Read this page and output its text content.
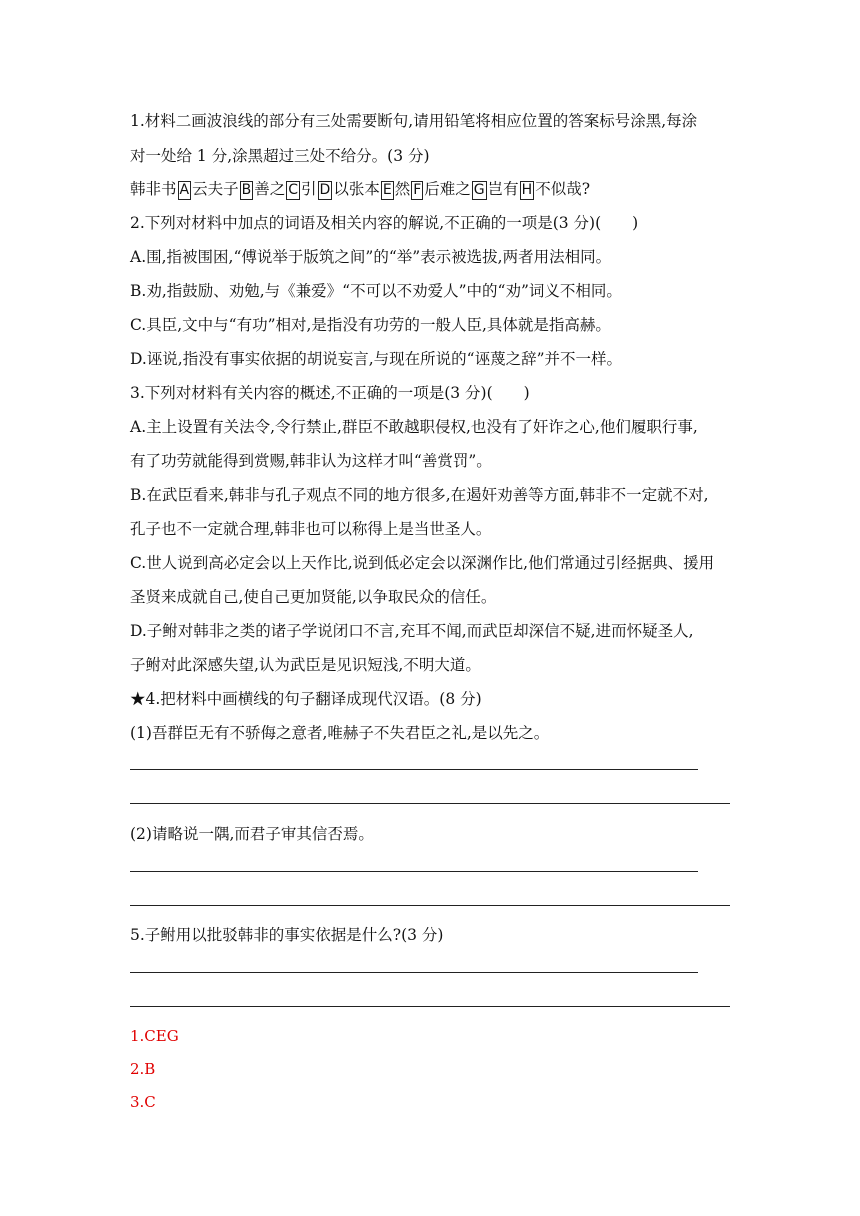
1.材料二画波浪线的部分有三处需要断句,请用铅笔将相应位置的答案标号涂黑,每涂
对一处给 1 分,涂黑超过三处不给分。(3 分)
韩非书 A 云夫子 B 善之 C 引 D 以张本 E 然 F 后难之 G 岂有 H 不似哉?
2.下列对材料中加点的词语及相关内容的解说,不正确的一项是(3 分)(　　)
A.围,指被围困,“傅说举于版筑之间”的“举”表示被选拔,两者用法相同。
B.劝,指鼓励、劝勉,与《兼爱》“不可以不劝爱人”中的“劝”词义不相同。
C.具臣,文中与“有功”相对,是指没有功劳的一般人臣,具体就是指高赫。
D.诬说,指没有事实依据的胡说妄言,与现在所说的“诬蔑之辞”并不一样。
3.下列对材料有关内容的概述,不正确的一项是(3 分)(　　)
A.主上设置有关法令,令行禁止,群臣不敢越职侵权,也没有了奸诈之心,他们履职行事,
有了功劳就能得到赏赐,韩非认为这样才叫“善赏罚”。
B.在武臣看来,韩非与孔子观点不同的地方很多,在遏奸劝善等方面,韩非不一定就不对,
孔子也不一定就合理,韩非也可以称得上是当世圣人。
C.世人说到高必定会以上天作比,说到低必定会以深渊作比,他们常通过引经据典、援用
圣贤来成就自己,使自己更加贤能,以争取民众的信任。
D.子鲋对韩非之类的诸子学说闭口不言,充耳不闻,而武臣却深信不疑,进而怀疑圣人,
子鲋对此深感失望,认为武臣是见识短浅,不明大道。
★4.把材料中画横线的句子翻译成现代汉语。(8 分)
(1)吾群臣无有不骄侮之意者,唯赫子不失君臣之礼,是以先之。
(2)请略说一隅,而君子审其信否焉。
5.子鲋用以批驳韩非的事实依据是什么?(3 分)
1.CEG
2.B
3.C
